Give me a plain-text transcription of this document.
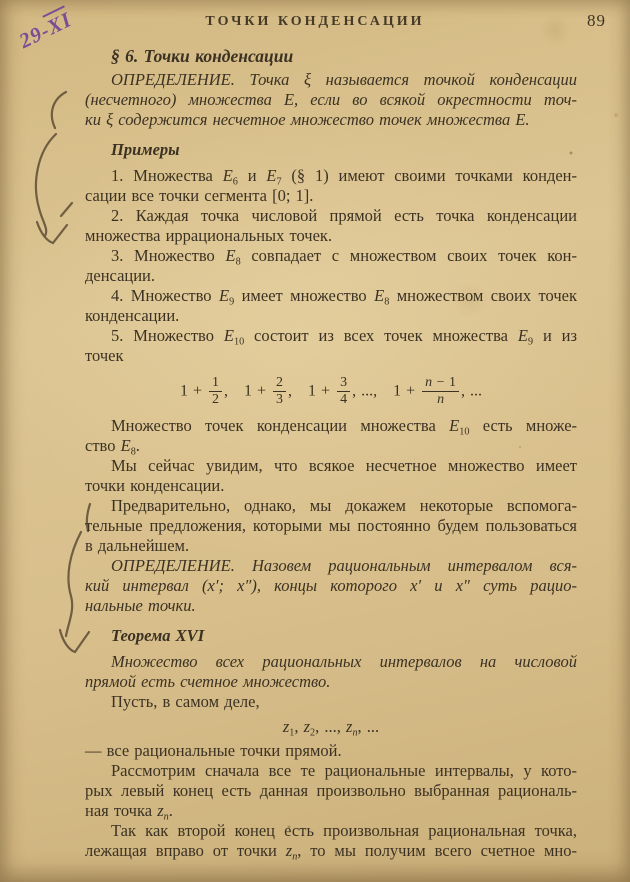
$29-\overline{XI}$	ТОЧКИ КОНДЕНСАЦИИ	89
§ 6. Точки конденсации
ОПРЕДЕЛЕНИЕ. Точка ξ называется точкой конденсации
(несчетного) множества E, если во всякой окрестности точ-
ки ξ содержится несчетное множество точек множества E.
Примеры
1. Множества $E_6$ и $E_7$ (§ 1) имеют своими точками конден-
сации все точки сегмента [0; 1].
2. Каждая точка числовой прямой есть точка конденсации
множества иррациональных точек.
3. Множество $E_8$ совпадает с множеством своих точек кон-
денсации.
4. Множество $E_9$ имеет множество $E_8$ множеством своих точек
конденсации.
5. Множество $E_{10}$ состоит из всех точек множества $E_9$ и из
точек
$1 + \frac{1}{2}$ , $1 + \frac{2}{3}$ , $1 + \frac{3}{4}$ , ..., $1 + \frac{n - 1}{n}$ , ...
Множество точек конденсации множества $E_{10}$ есть множе-
ство $E_8$.
Мы сейчас увидим, что всякое несчетное множество имеет
точки конденсации.
Предварительно, однако, мы докажем некоторые вспомога-
тельные предложения, которыми мы постоянно будем пользоваться
в дальнейшем.
ОПРЕДЕЛЕНИЕ. Назовем рациональным интервалом вся-
кий интервал (x′; x″), концы которого x′ и x″ суть рацио-
нальные точки.
Теорема XVI
Множество всех рациональных интервалов на числовой
прямой есть счетное множество.
Пусть, в самом деле,
$z_1$, $z_2$, ..., $z_n$, ...
— все рациональные точки прямой.
Рассмотрим сначала все те рациональные интервалы, у кото-
рых левый конец есть данная произвольно выбранная рациональ-
ная точка $z_n$.
Так как второй конец есть произвольная рациональная точка,
лежащая вправо от точки $z_n$, то мы получим всего счетное мно-
